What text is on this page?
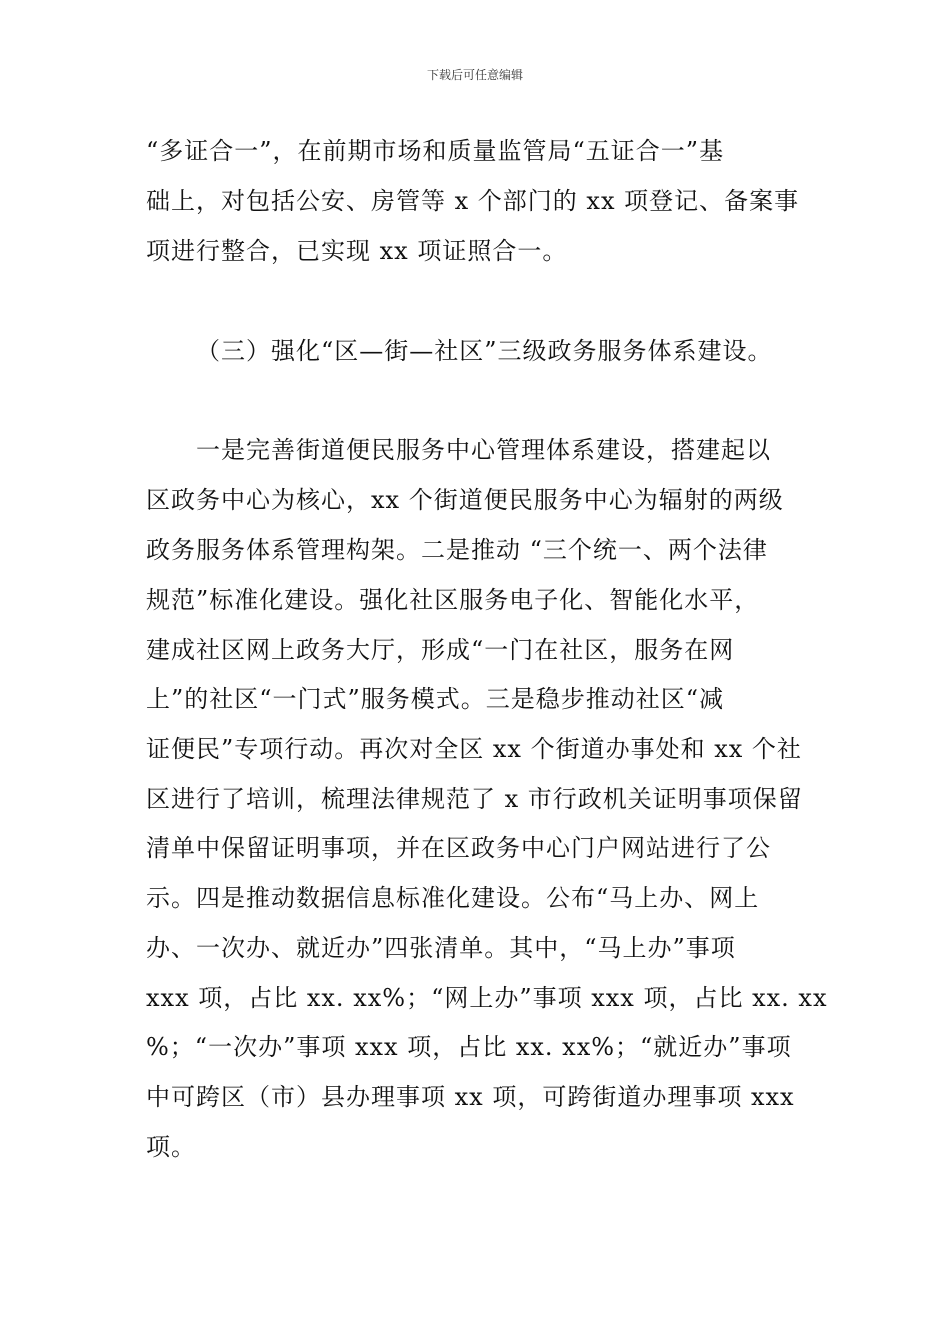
下载后可任意编辑
“多证合一”，在前期市场和质量监管局“五证合一”基
础上，对包括公安、房管等 x 个部门的 xx 项登记、备案事
项进行整合，已实现 xx 项证照合一。
（三）强化“区—街—社区”三级政务服务体系建设。
一是完善街道便民服务中心管理体系建设，搭建起以
区政务中心为核心，xx 个街道便民服务中心为辐射的两级
政务服务体系管理构架。二是推动 “三个统一、两个法律
规范”标准化建设。强化社区服务电子化、智能化水平，
建成社区网上政务大厅，形成“一门在社区，服务在网
上”的社区“一门式”服务模式。三是稳步推动社区“减
证便民”专项行动。再次对全区 xx 个街道办事处和 xx 个社
区进行了培训，梳理法律规范了 x 市行政机关证明事项保留
清单中保留证明事项，并在区政务中心门户网站进行了公
示。四是推动数据信息标准化建设。公布“马上办、网上
办、一次办、就近办”四张清单。其中，“马上办”事项
xxx 项，占比 xx. xx%；“网上办”事项 xxx 项，占比 xx. xx
%；“一次办”事项 xxx 项，占比 xx. xx%；“就近办”事项
中可跨区（市）县办理事项 xx 项，可跨街道办理事项 xxx
项。
